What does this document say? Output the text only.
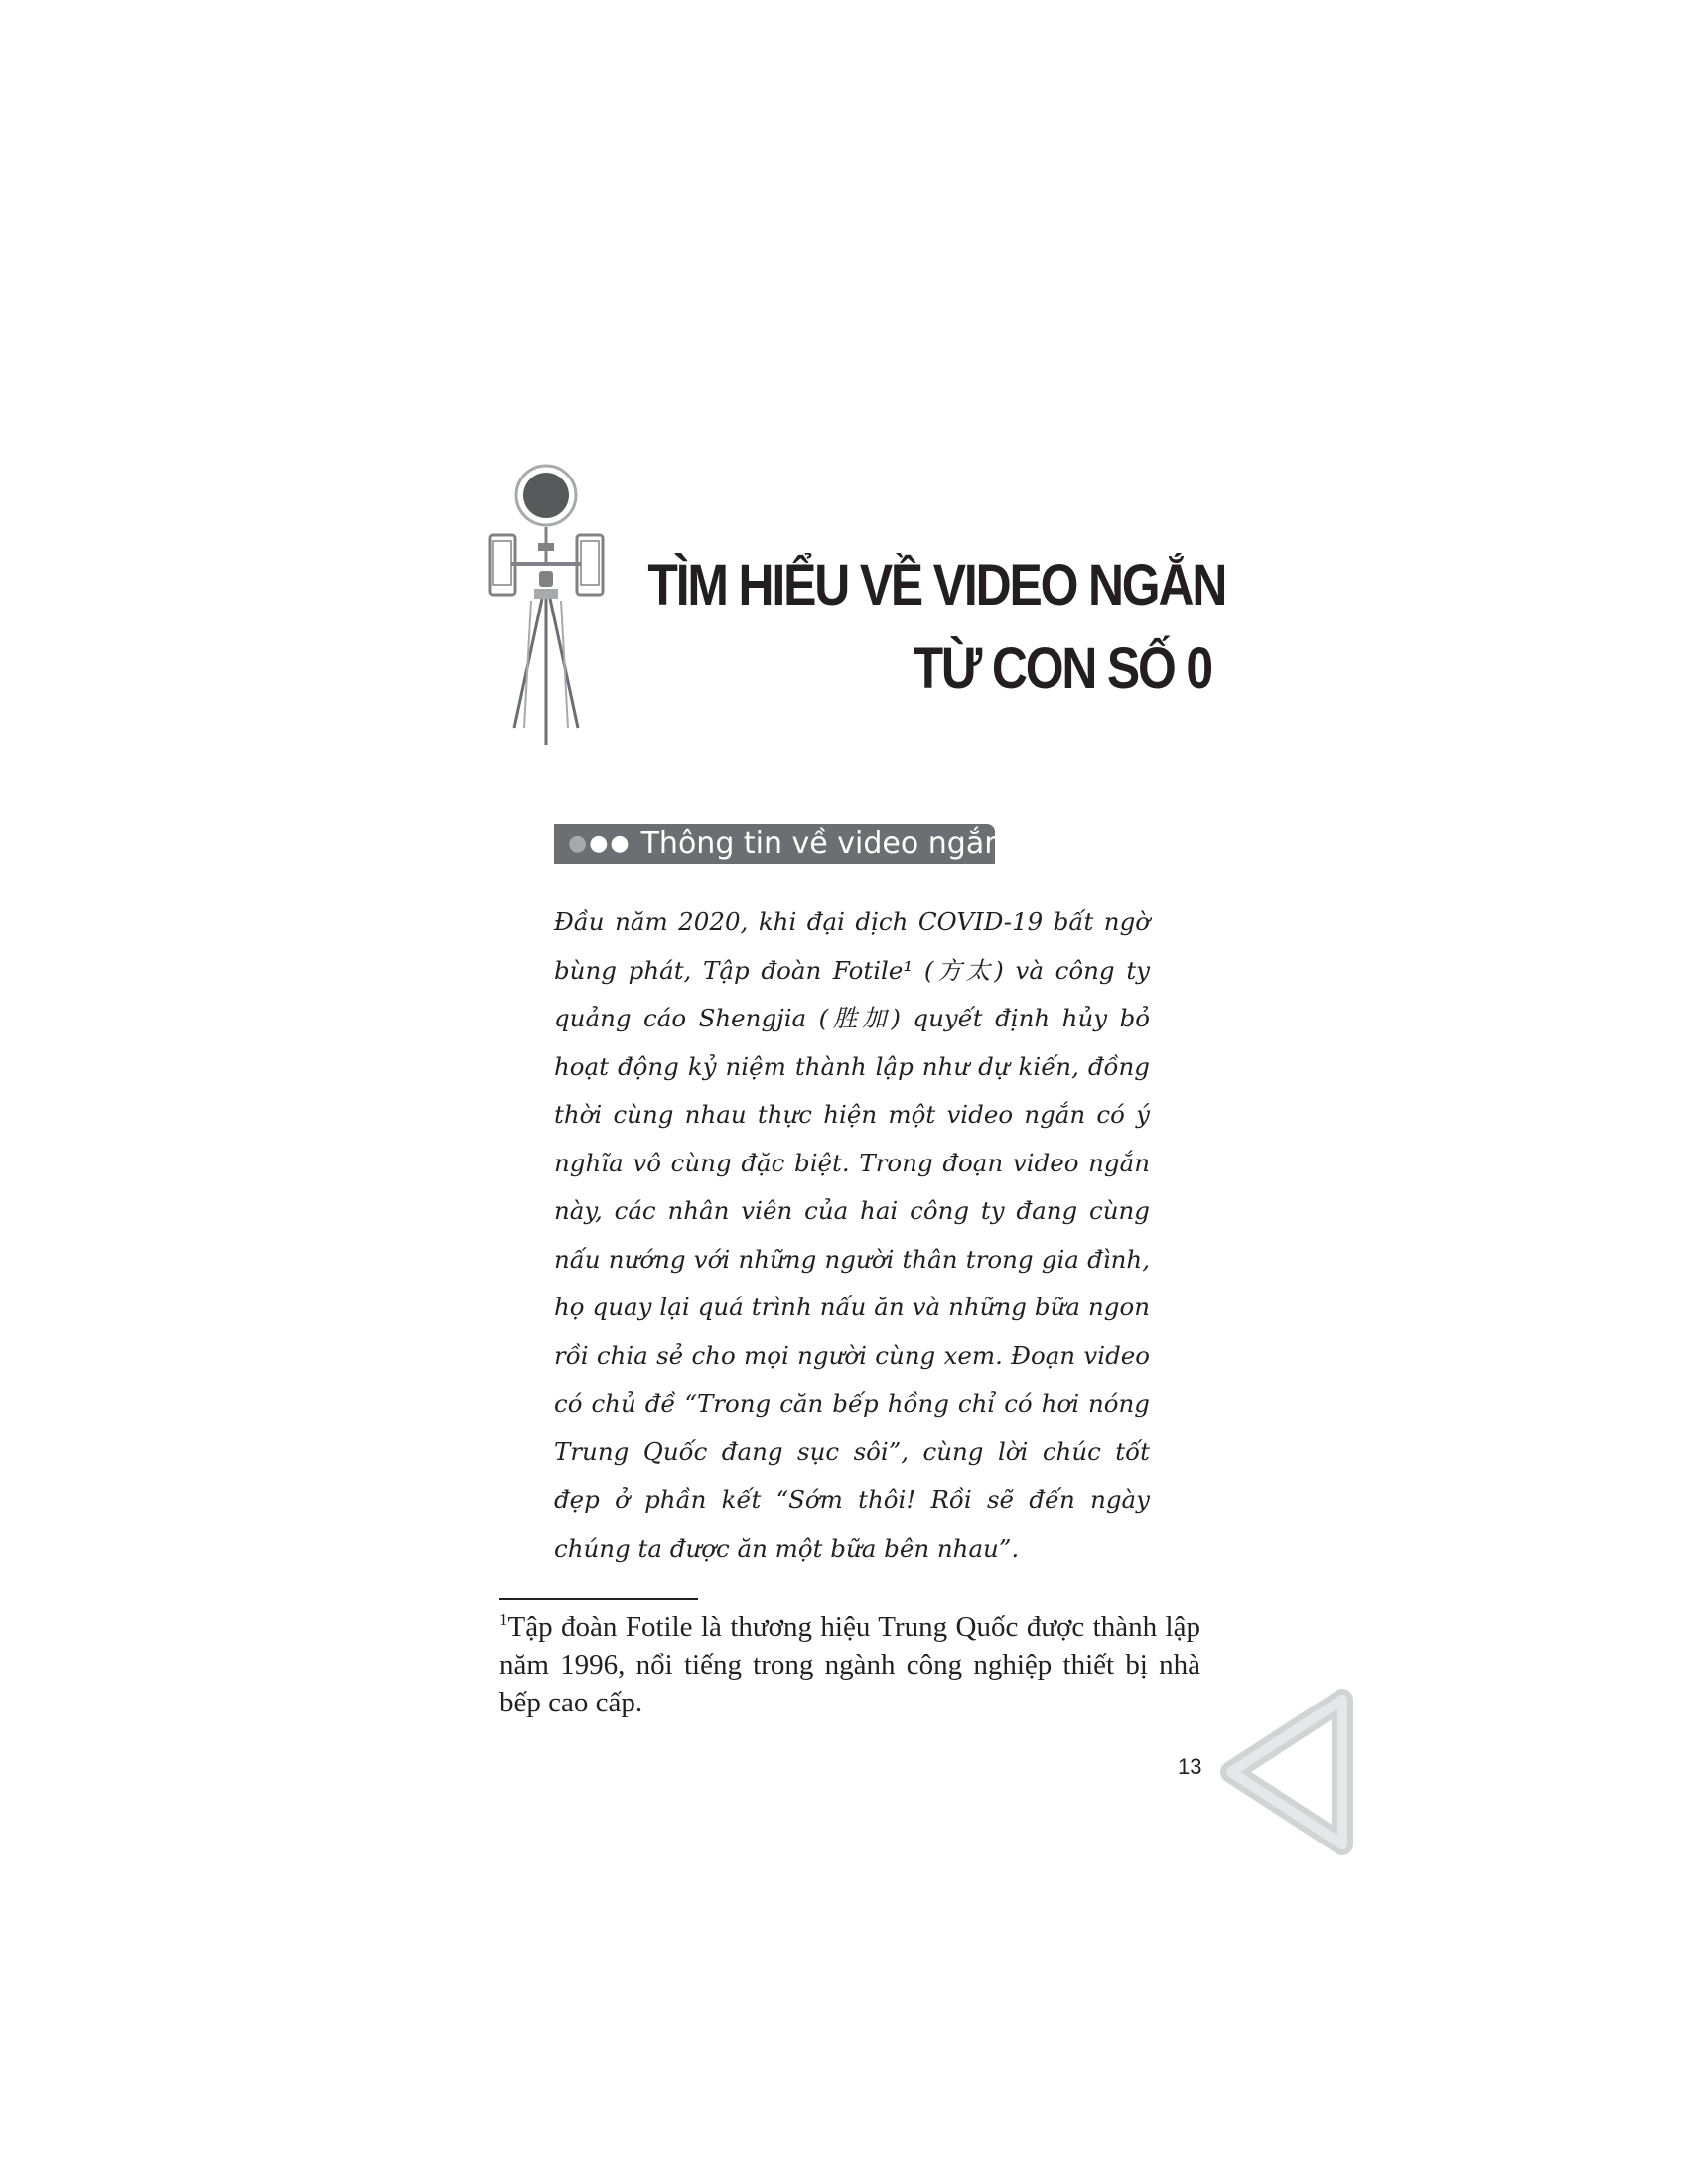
TÌM HIỂU VỀ VIDEO NGẮN
TỪ CON SỐ 0
●●● Thông tin về video ngắn

Đầu năm 2020, khi đại dịch COVID-19 bất ngờ bùng phát, Tập đoàn Fotile¹ (方太) và công ty quảng cáo Shengjia (胜加) quyết định hủy bỏ hoạt động kỷ niệm thành lập như dự kiến, đồng thời cùng nhau thực hiện một video ngắn có ý nghĩa vô cùng đặc biệt. Trong đoạn video ngắn này, các nhân viên của hai công ty đang cùng nấu nướng với những người thân trong gia đình, họ quay lại quá trình nấu ăn và những bữa ngon rồi chia sẻ cho mọi người cùng xem. Đoạn video có chủ đề “Trong căn bếp hồng chỉ có hơi nóng Trung Quốc đang sục sôi”, cùng lời chúc tốt đẹp ở phần kết “Sớm thôi! Rồi sẽ đến ngày chúng ta được ăn một bữa bên nhau”.

$^1$Tập đoàn Fotile là thương hiệu Trung Quốc được thành lập năm 1996, nổi tiếng trong ngành công nghiệp thiết bị nhà bếp cao cấp.

13
